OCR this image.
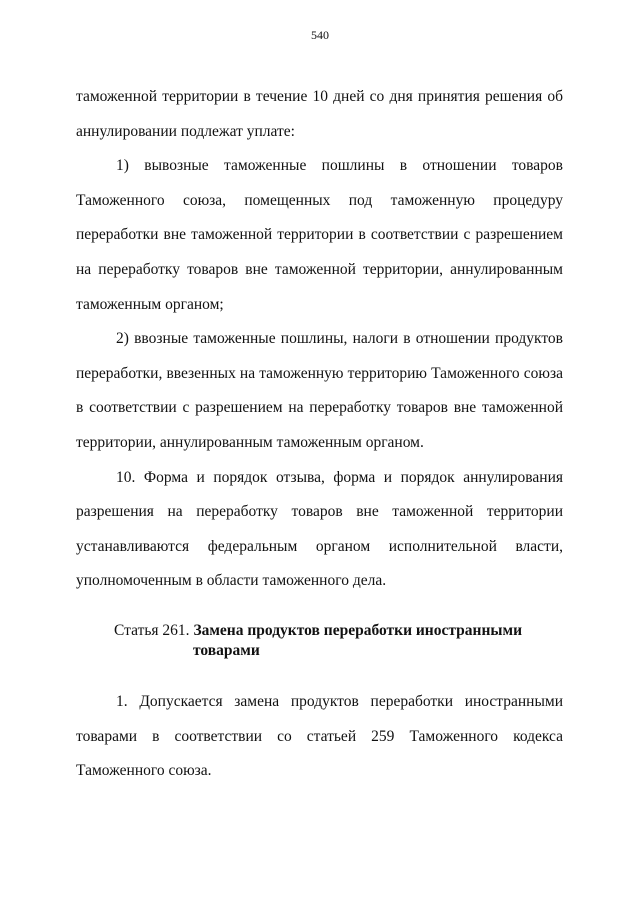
540

таможенной территории в течение 10 дней со дня принятия решения об аннулировании подлежат уплате:

1) вывозные таможенные пошлины в отношении товаров Таможенного союза, помещенных под таможенную процедуру переработки вне таможенной территории в соответствии с разрешением на переработку товаров вне таможенной территории, аннулированным таможенным органом;

2) ввозные таможенные пошлины, налоги в отношении продуктов переработки, ввезенных на таможенную территорию Таможенного союза в соответствии с разрешением на переработку товаров вне таможенной территории, аннулированным таможенным органом.

10. Форма и порядок отзыва, форма и порядок аннулирования разрешения на переработку товаров вне таможенной территории устанавливаются федеральным органом исполнительной власти, уполномоченным в области таможенного дела.

Статья 261. Замена продуктов переработки иностранными
товарами

1. Допускается замена продуктов переработки иностранными товарами в соответствии со статьей 259 Таможенного кодекса Таможенного союза.
